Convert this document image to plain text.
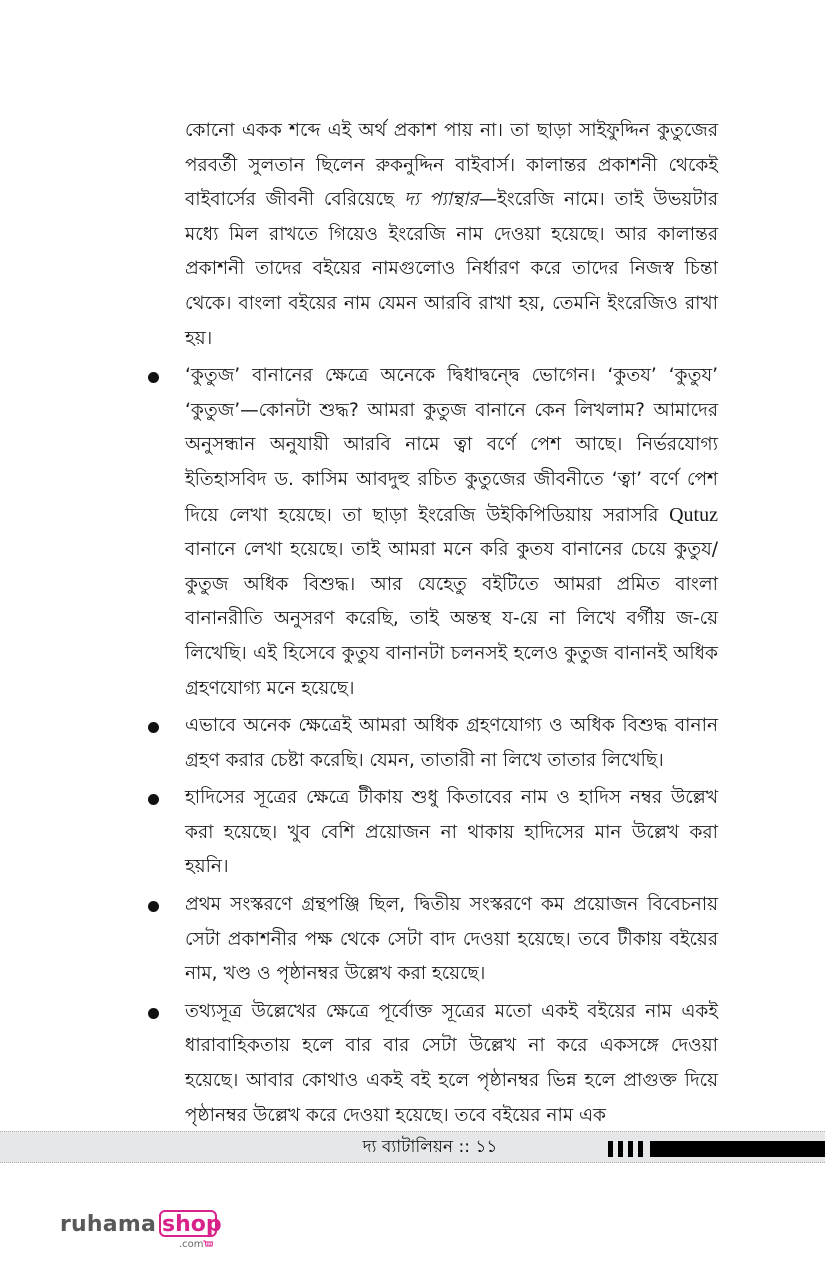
কোনো একক শব্দে এই অর্থ প্রকাশ পায় না। তা ছাড়া সাইফুদ্দিন কুতুজের পরবর্তী সুলতান ছিলেন রুকনুদ্দিন বাইবার্স। কালান্তর প্রকাশনী থেকেই বাইবার্সের জীবনী বেরিয়েছে দ্য প্যান্থার—ইংরেজি নামে। তাই উভয়টার মধ্যে মিল রাখতে গিয়েও ইংরেজি নাম দেওয়া হয়েছে। আর কালান্তর প্রকাশনী তাদের বইয়ের নামগুলোও নির্ধারণ করে তাদের নিজস্ব চিন্তা থেকে। বাংলা বইয়ের নাম যেমন আরবি রাখা হয়, তেমনি ইংরেজিও রাখা হয়।

‘কুতুজ’ বানানের ক্ষেত্রে অনেকে দ্বিধাদ্বন্দ্বে ভোগেন। ‘কুতয’ ‘কুতুয’ ‘কুতুজ’—কোনটা শুদ্ধ? আমরা কুতুজ বানানে কেন লিখলাম? আমাদের অনুসন্ধান অনুযায়ী আরবি নামে ত্বা বর্ণে পেশ আছে। নির্ভরযোগ্য ইতিহাসবিদ ড. কাসিম আবদুহু রচিত কুতুজের জীবনীতে ‘ত্বা’ বর্ণে পেশ দিয়ে লেখা হয়েছে। তা ছাড়া ইংরেজি উইকিপিডিয়ায় সরাসরি Qutuz বানানে লেখা হয়েছে। তাই আমরা মনে করি কুতয বানানের চেয়ে কুতুয/কুতুজ অধিক বিশুদ্ধ। আর যেহেতু বইটিতে আমরা প্রমিত বাংলা বানানরীতি অনুসরণ করেছি, তাই অন্তস্থ য-য়ে না লিখে বর্গীয় জ-য়ে লিখেছি। এই হিসেবে কুতুয বানানটা চলনসই হলেও কুতুজ বানানই অধিক গ্রহণযোগ্য মনে হয়েছে।

এভাবে অনেক ক্ষেত্রেই আমরা অধিক গ্রহণযোগ্য ও অধিক বিশুদ্ধ বানান গ্রহণ করার চেষ্টা করেছি। যেমন, তাতারী না লিখে তাতার লিখেছি।

হাদিসের সূত্রের ক্ষেত্রে টীকায় শুধু কিতাবের নাম ও হাদিস নম্বর উল্লেখ করা হয়েছে। খুব বেশি প্রয়োজন না থাকায় হাদিসের মান উল্লেখ করা হয়নি।

প্রথম সংস্করণে গ্রন্থপঞ্জি ছিল, দ্বিতীয় সংস্করণে কম প্রয়োজন বিবেচনায় সেটা প্রকাশনীর পক্ষ থেকে সেটা বাদ দেওয়া হয়েছে। তবে টীকায় বইয়ের নাম, খণ্ড ও পৃষ্ঠানম্বর উল্লেখ করা হয়েছে।

তথ্যসূত্র উল্লেখের ক্ষেত্রে পূর্বোক্ত সূত্রের মতো একই বইয়ের নাম একই ধারাবাহিকতায় হলে বার বার সেটা উল্লেখ না করে একসঙ্গে দেওয়া হয়েছে। আবার কোথাও একই বই হলে পৃষ্ঠানম্বর ভিন্ন হলে প্রাগুক্ত দিয়ে পৃষ্ঠানম্বর উল্লেখ করে দেওয়া হয়েছে। তবে বইয়ের নাম এক

দ্য ব্যাটালিয়ন :: ১১
ruhama shop
.com
